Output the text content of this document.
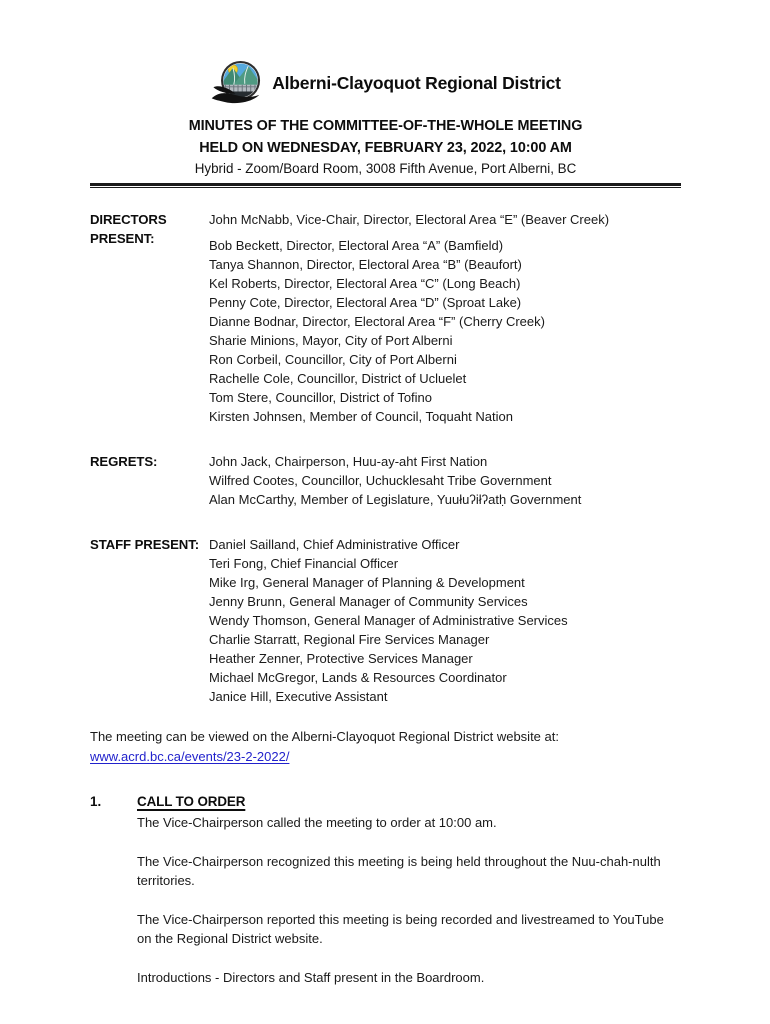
Alberni-Clayoquot Regional District
MINUTES OF THE COMMITTEE-OF-THE-WHOLE MEETING
HELD ON WEDNESDAY, FEBRUARY 23, 2022, 10:00 AM
Hybrid - Zoom/Board Room, 3008 Fifth Avenue, Port Alberni, BC
DIRECTORS
PRESENT:
John McNabb, Vice-Chair, Director, Electoral Area “E” (Beaver Creek)
Bob Beckett, Director, Electoral Area “A” (Bamfield)
Tanya Shannon, Director, Electoral Area “B” (Beaufort)
Kel Roberts, Director, Electoral Area “C” (Long Beach)
Penny Cote, Director, Electoral Area “D” (Sproat Lake)
Dianne Bodnar, Director, Electoral Area “F” (Cherry Creek)
Sharie Minions, Mayor, City of Port Alberni
Ron Corbeil, Councillor, City of Port Alberni
Rachelle Cole, Councillor, District of Ucluelet
Tom Stere, Councillor, District of Tofino
Kirsten Johnsen, Member of Council, Toquaht Nation
REGRETS:	John Jack, Chairperson, Huu-ay-aht First Nation
Wilfred Cootes, Councillor, Uchucklesaht Tribe Government
Alan McCarthy, Member of Legislature, Yuułuʔiłʔatḥ Government
STAFF PRESENT: Daniel Sailland, Chief Administrative Officer
Teri Fong, Chief Financial Officer
Mike Irg, General Manager of Planning & Development
Jenny Brunn, General Manager of Community Services
Wendy Thomson, General Manager of Administrative Services
Charlie Starratt, Regional Fire Services Manager
Heather Zenner, Protective Services Manager
Michael McGregor, Lands & Resources Coordinator
Janice Hill, Executive Assistant

The meeting can be viewed on the Alberni-Clayoquot Regional District website at:
www.acrd.bc.ca/events/23-2-2022/

1.	CALL TO ORDER

The Vice-Chairperson called the meeting to order at 10:00 am.

The Vice-Chairperson recognized this meeting is being held throughout the Nuu-chah-nulth territories.

The Vice-Chairperson reported this meeting is being recorded and livestreamed to YouTube on the Regional District website.

Introductions - Directors and Staff present in the Boardroom.
